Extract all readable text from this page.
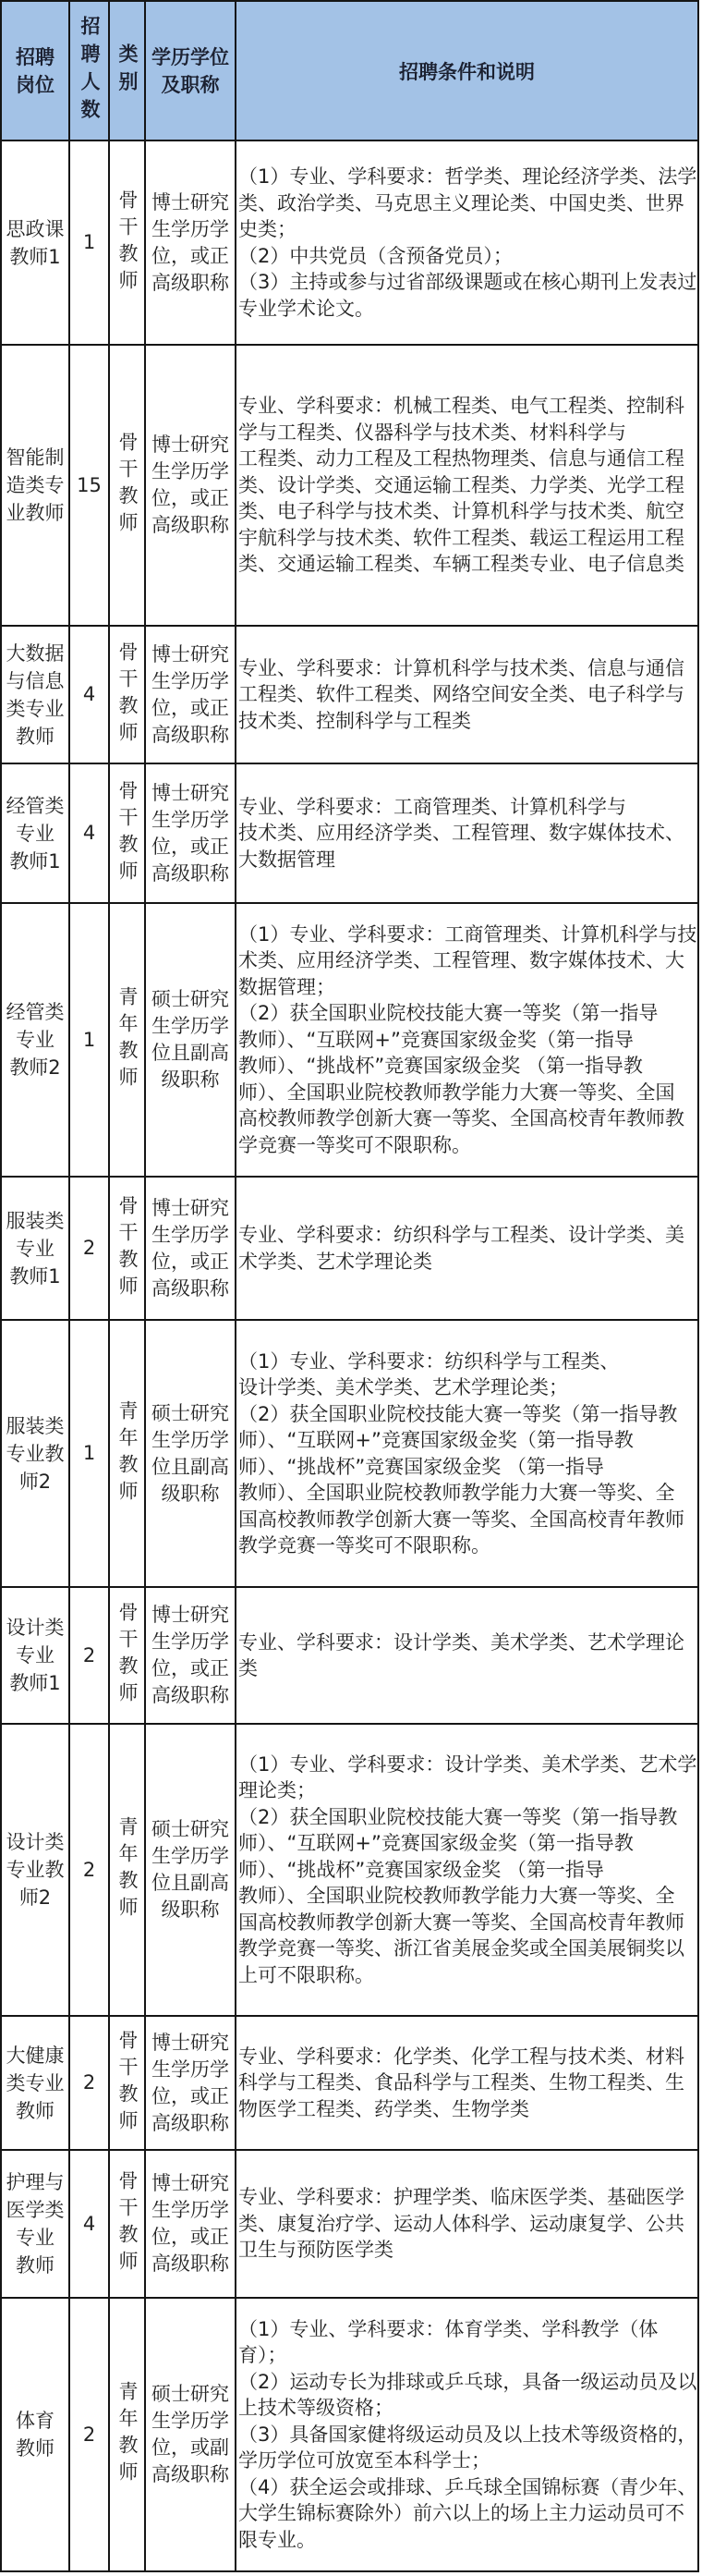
招聘
岗位 招聘人数 类别 学历学位
及职称
招聘条件和说明
思政课
教师1
1 骨干教师 博士研究
生学历学
位，或正
高级职称
（1）专业、学科要求：哲学类、理论经济学类、法学
类、政治学类、马克思主义理论类、中国史类、世界
史类；
（2）中共党员（含预备党员）；
（3）主持或参与过省部级课题或在核心期刊上发表过
专业学术论文。
智能制
造类专
业教师
15 骨干教师 博士研究
生学历学
位，或正
高级职称
专业、学科要求：机械工程类、电气工程类、控制科
学与工程类、仪器科学与技术类、材料科学与
工程类、动力工程及工程热物理类、信息与通信工程
类、设计学类、交通运输工程类、力学类、光学工程
类、电子科学与技术类、计算机科学与技术类、航空
宇航科学与技术类、软件工程类、载运工程运用工程
类、交通运输工程类、车辆工程类专业、电子信息类
大数据
与信息
类专业
教师
4 骨干教师 博士研究
生学历学
位，或正
高级职称
专业、学科要求：计算机科学与技术类、信息与通信
工程类、软件工程类、网络空间安全类、电子科学与
技术类、控制科学与工程类
经管类
专业
教师1
4 骨干教师 博士研究
生学历学
位，或正
高级职称
专业、学科要求：工商管理类、计算机科学与
技术类、应用经济学类、工程管理、数字媒体技术、
大数据管理
经管类
专业
教师2
1 青年教师 硕士研究
生学历学
位且副高
级职称
（1）专业、学科要求：工商管理类、计算机科学与技
术类、应用经济学类、工程管理、数字媒体技术、大
数据管理；
（2）获全国职业院校技能大赛一等奖（第一指导
教师）、“互联网+”竞赛国家级金奖（第一指导
教师）、“挑战杯”竞赛国家级金奖 （第一指导教
师）、全国职业院校教师教学能力大赛一等奖、全国
高校教师教学创新大赛一等奖、全国高校青年教师教
学竞赛一等奖可不限职称。
服装类
专业
教师1
2 骨干教师 博士研究
生学历学
位，或正
高级职称
专业、学科要求：纺织科学与工程类、设计学类、美
术学类、艺术学理论类
服装类
专业教
师2
1 青年教师 硕士研究
生学历学
位且副高
级职称
（1）专业、学科要求：纺织科学与工程类、
设计学类、美术学类、艺术学理论类；
（2）获全国职业院校技能大赛一等奖（第一指导教
师）、“互联网+”竞赛国家级金奖（第一指导教
师）、“挑战杯”竞赛国家级金奖 （第一指导
教师）、全国职业院校教师教学能力大赛一等奖、全
国高校教师教学创新大赛一等奖、全国高校青年教师
教学竞赛一等奖可不限职称。
设计类
专业
教师1
2 骨干教师 博士研究
生学历学
位，或正
高级职称
专业、学科要求：设计学类、美术学类、艺术学理论
类
设计类
专业教
师2
2 青年教师 硕士研究
生学历学
位且副高
级职称
（1）专业、学科要求：设计学类、美术学类、艺术学
理论类；
（2）获全国职业院校技能大赛一等奖（第一指导教
师）、“互联网+”竞赛国家级金奖（第一指导教
师）、“挑战杯”竞赛国家级金奖 （第一指导
教师）、全国职业院校教师教学能力大赛一等奖、全
国高校教师教学创新大赛一等奖、全国高校青年教师
教学竞赛一等奖、浙江省美展金奖或全国美展铜奖以
上可不限职称。
大健康
类专业
教师
2 骨干教师 博士研究
生学历学
位，或正
高级职称
专业、学科要求：化学类、化学工程与技术类、材料
科学与工程类、食品科学与工程类、生物工程类、生
物医学工程类、药学类、生物学类
护理与
医学类
专业
教师
4 骨干教师 博士研究
生学历学
位，或正
高级职称
专业、学科要求：护理学类、临床医学类、基础医学
类、康复治疗学、运动人体科学、运动康复学、公共
卫生与预防医学类
体育
教师
2 青年教师 硕士研究
生学历学
位，或副
高级职称
（1）专业、学科要求：体育学类、学科教学（体
育）；
（2）运动专长为排球或乒乓球，具备一级运动员及以
上技术等级资格；
（3）具备国家健将级运动员及以上技术等级资格的，
学历学位可放宽至本科学士；
（4）获全运会或排球、乒乓球全国锦标赛（青少年、
大学生锦标赛除外）前六以上的场上主力运动员可不
限专业。
